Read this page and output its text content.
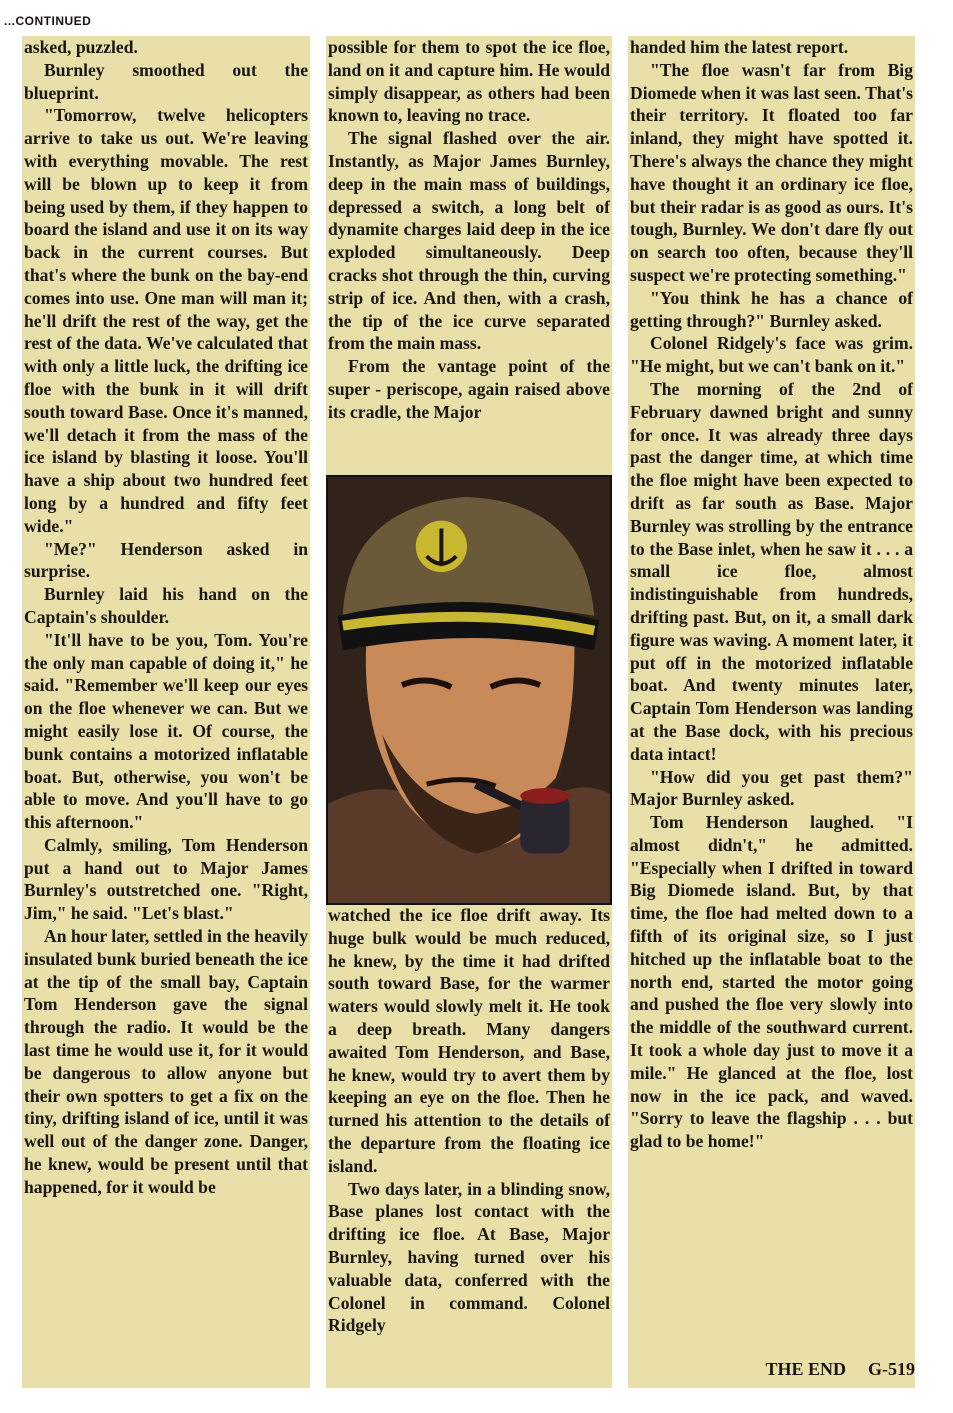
...CONTINUED

asked, puzzled.

Burnley smoothed out the blueprint.

"Tomorrow, twelve helicopters arrive to take us out. We're leaving with everything movable. The rest will be blown up to keep it from being used by them, if they happen to board the island and use it on its way back in the current courses. But that's where the bunk on the bay-end comes into use. One man will man it; he'll drift the rest of the way, get the rest of the data. We've calculated that with only a little luck, the drifting ice floe with the bunk in it will drift south toward Base. Once it's manned, we'll detach it from the mass of the ice island by blasting it loose. You'll have a ship about two hundred feet long by a hundred and fifty feet wide."

"Me?" Henderson asked in surprise.

Burnley laid his hand on the Captain's shoulder.

"It'll have to be you, Tom. You're the only man capable of doing it," he said. "Remember we'll keep our eyes on the floe whenever we can. But we might easily lose it. Of course, the bunk contains a motorized inflatable boat. But, otherwise, you won't be able to move. And you'll have to go this afternoon."

Calmly, smiling, Tom Henderson put a hand out to Major James Burnley's outstretched one. "Right, Jim," he said. "Let's blast."

An hour later, settled in the heavily insulated bunk buried beneath the ice at the tip of the small bay, Captain Tom Henderson gave the signal through the radio. It would be the last time he would use it, for it would be dangerous to allow anyone but their own spotters to get a fix on the tiny, drifting island of ice, until it was well out of the danger zone. Danger, he knew, would be present until that happened, for it would be

possible for them to spot the ice floe, land on it and capture him. He would simply disappear, as others had been known to, leaving no trace.

The signal flashed over the air. Instantly, as Major James Burnley, deep in the main mass of buildings, depressed a switch, a long belt of dynamite charges laid deep in the ice exploded simultaneously. Deep cracks shot through the thin, curving strip of ice. And then, with a crash, the tip of the ice curve separated from the main mass.

From the vantage point of the super - periscope, again raised above its cradle, the Major

watched the ice floe drift away. Its huge bulk would be much reduced, he knew, by the time it had drifted south toward Base, for the warmer waters would slowly melt it. He took a deep breath. Many dangers awaited Tom Henderson, and Base, he knew, would try to avert them by keeping an eye on the floe. Then he turned his attention to the details of the departure from the floating ice island.

Two days later, in a blinding snow, Base planes lost contact with the drifting ice floe. At Base, Major Burnley, having turned over his valuable data, conferred with the Colonel in command. Colonel Ridgely

handed him the latest report.

"The floe wasn't far from Big Diomede when it was last seen. That's their territory. It floated too far inland, they might have spotted it. There's always the chance they might have thought it an ordinary ice floe, but their radar is as good as ours. It's tough, Burnley. We don't dare fly out on search too often, because they'll suspect we're protecting something."

"You think he has a chance of getting through?" Burnley asked.

Colonel Ridgely's face was grim. "He might, but we can't bank on it."

The morning of the 2nd of February dawned bright and sunny for once. It was already three days past the danger time, at which time the floe might have been expected to drift as far south as Base. Major Burnley was strolling by the entrance to the Base inlet, when he saw it . . . a small ice floe, almost indistinguishable from hundreds, drifting past. But, on it, a small dark figure was waving. A moment later, it put off in the motorized inflatable boat. And twenty minutes later, Captain Tom Henderson was landing at the Base dock, with his precious data intact!

"How did you get past them?" Major Burnley asked.

Tom Henderson laughed. "I almost didn't," he admitted. "Especially when I drifted in toward Big Diomede island. But, by that time, the floe had melted down to a fifth of its original size, so I just hitched up the inflatable boat to the north end, started the motor going and pushed the floe very slowly into the middle of the southward current. It took a whole day just to move it a mile." He glanced at the floe, lost now in the ice pack, and waved. "Sorry to leave the flagship . . . but glad to be home!"

THE END G-519
